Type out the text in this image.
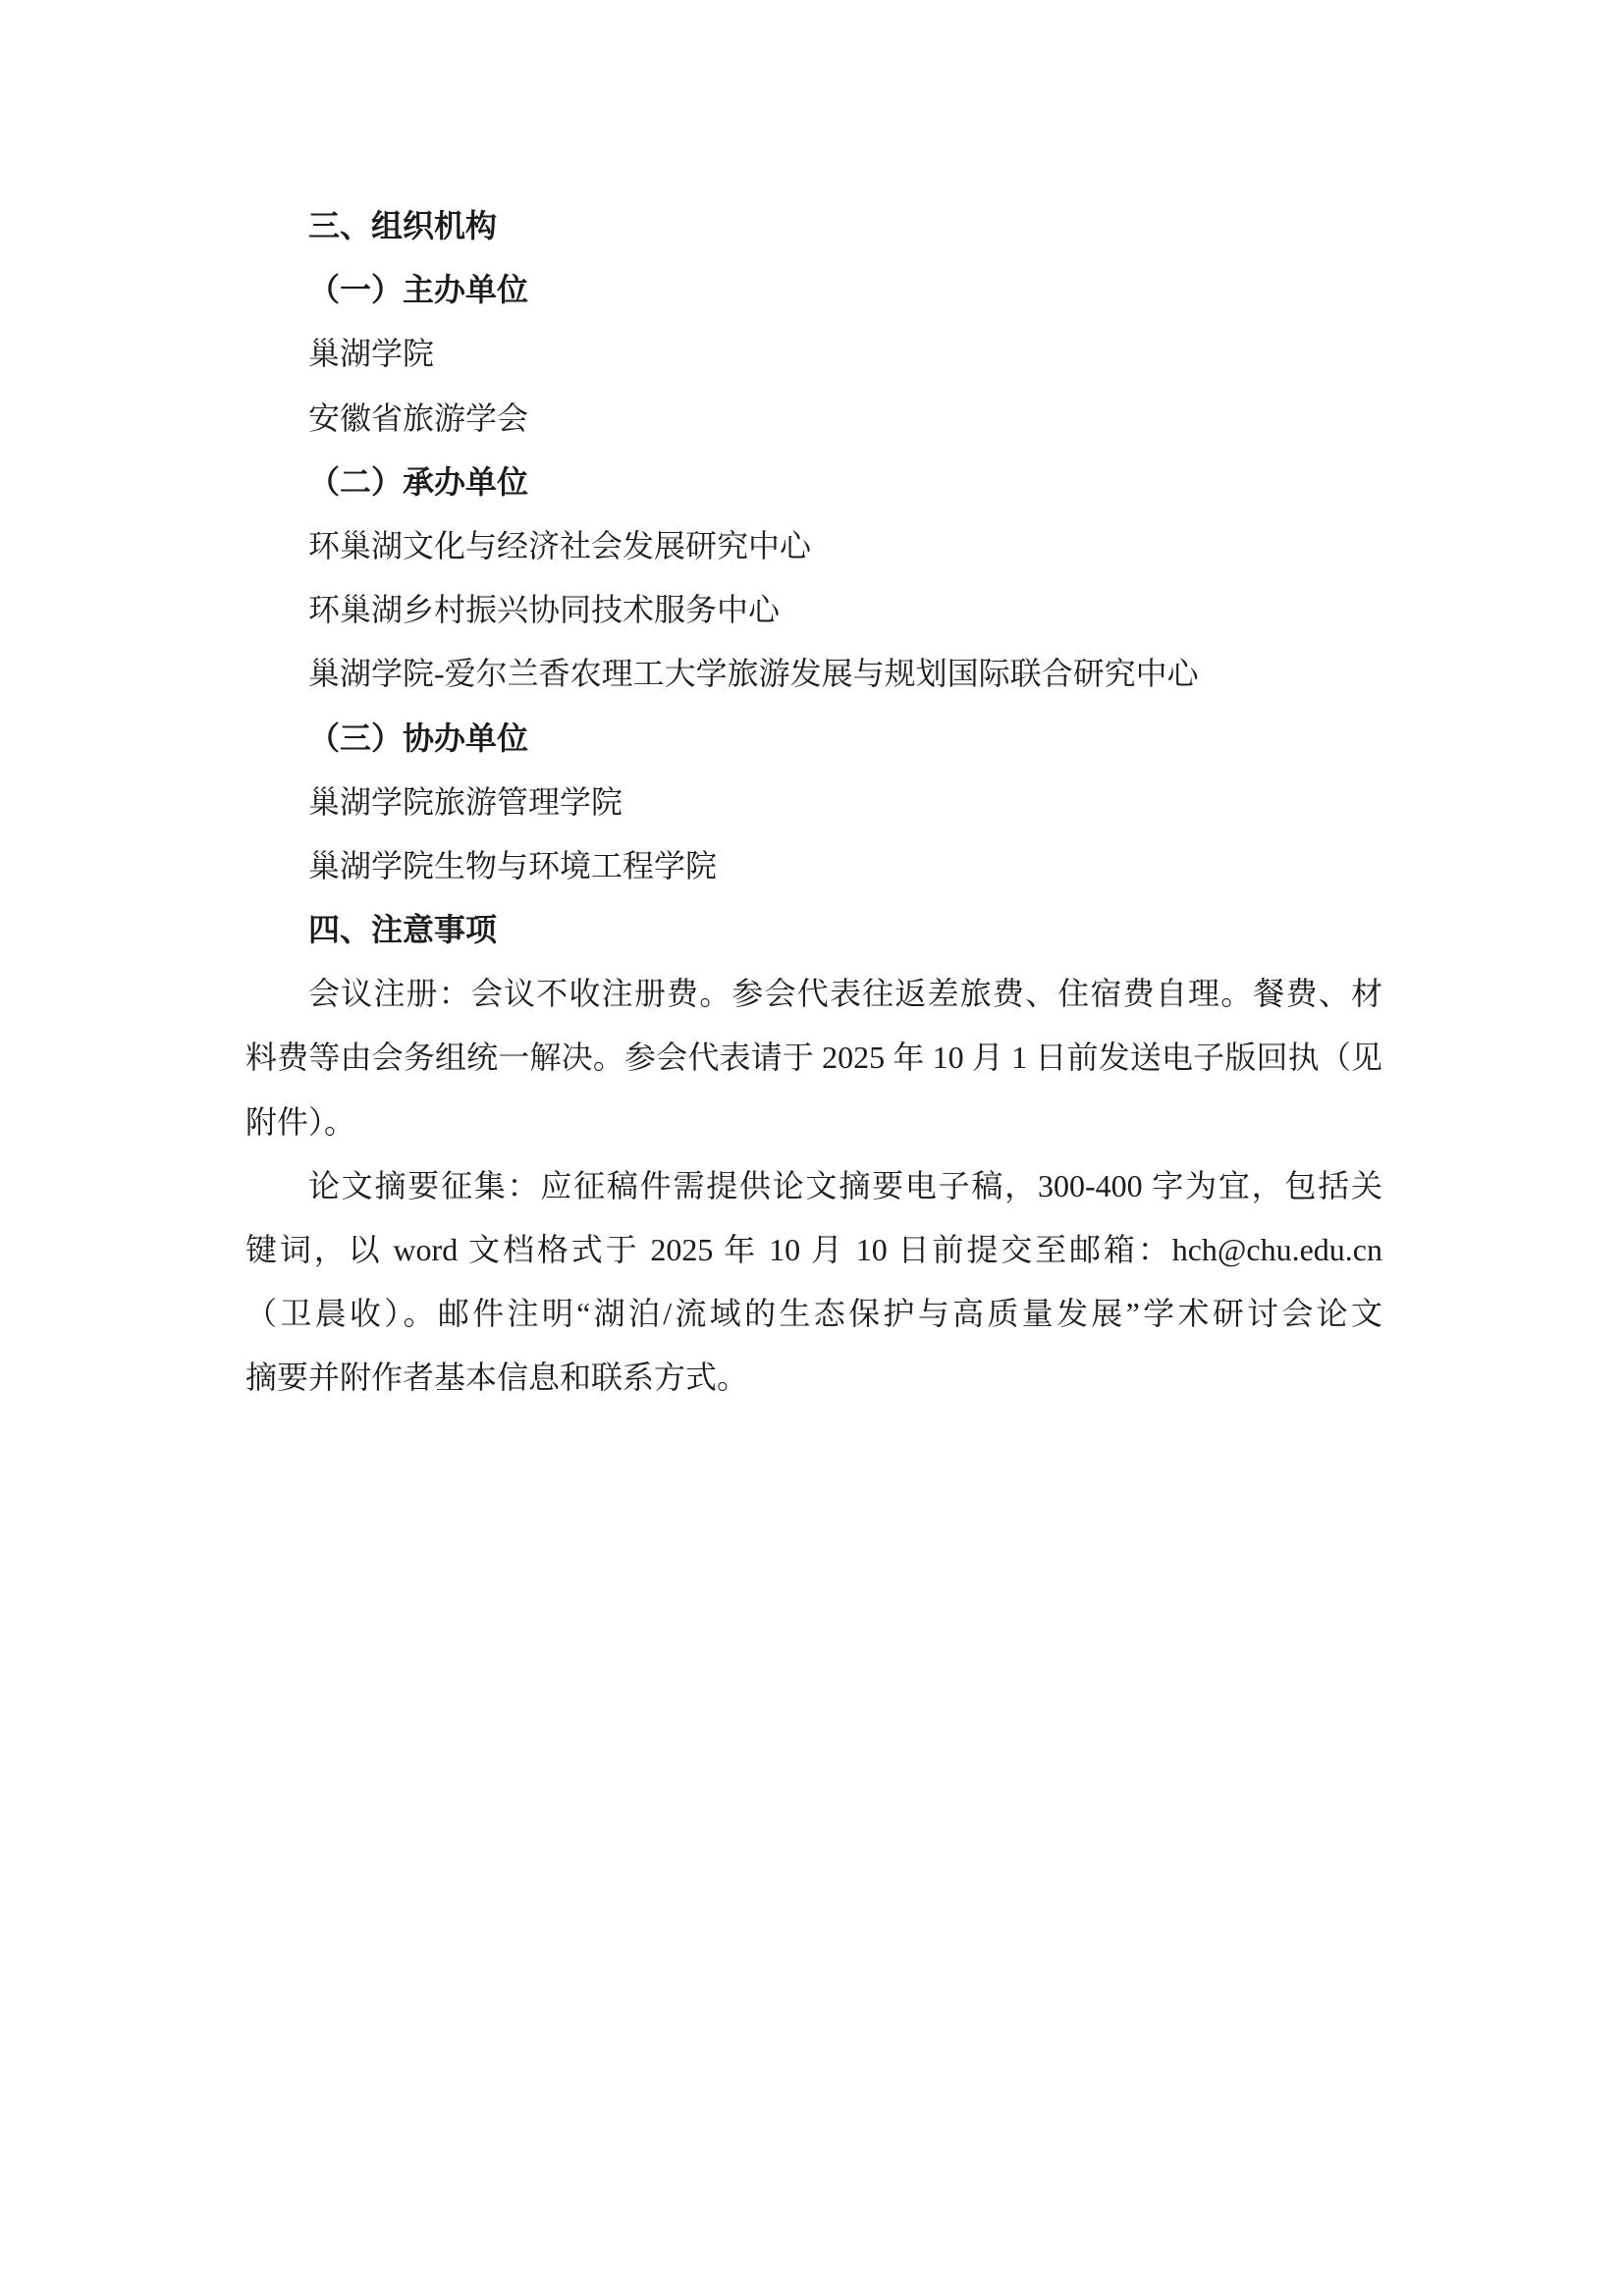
三、组织机构
（一）主办单位
巢湖学院
安徽省旅游学会
（二）承办单位
环巢湖文化与经济社会发展研究中心
环巢湖乡村振兴协同技术服务中心
巢湖学院-爱尔兰香农理工大学旅游发展与规划国际联合研究中心
（三）协办单位
巢湖学院旅游管理学院
巢湖学院生物与环境工程学院
四、注意事项
会议注册：会议不收注册费。参会代表往返差旅费、住宿费自理。餐费、材
料费等由会务组统一解决。参会代表请于 2025 年 10 月 1 日前发送电子版回执（见
附件）。
论文摘要征集：应征稿件需提供论文摘要电子稿，300-400 字为宜，包括关
键词，以 word 文档格式于 2025 年 10 月 10 日前提交至邮箱：hch@chu.edu.cn
（卫晨收）。邮件注明“湖泊/流域的生态保护与高质量发展”学术研讨会论文
摘要并附作者基本信息和联系方式。
